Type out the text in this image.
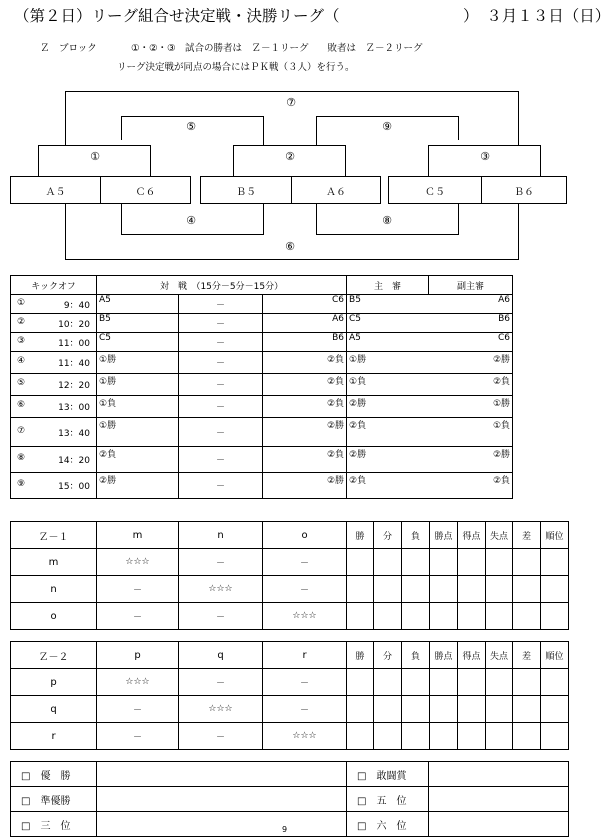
（第２日）リーグ組合せ決定戦・決勝リーグ（	）　３月１３日（日）
Ｚ　ブロック	①・②・③　試合の勝者は　Ｚ－１リーグ　　敗者は　Ｚ－２リーグ
リーグ決定戦が同点の場合にはＰＫ戦（３人）を行う。
⑦
⑤	⑨
①	②	③
④	⑧
⑥
Ａ５	Ｃ６	Ｂ５	Ａ６	Ｃ５	Ｂ６
キックオフ	対　戦　（15分－5分－15分）			主　審	副主審

① 9：40	A5	－	C6	B5	A6

② 10：20	B5	－	A6	C5	B6

③ 11：00	C5	－	B6	A5	C6

④ 11：40	①勝	－	②負	①勝	②勝

⑤ 12：20	①勝	－	②負	①負	②負

⑥ 13：00	①負	－	②負	②勝	①勝

⑦ 13：40	①勝	－	②勝	②負	①負

⑧ 14：20	②負	－	②負	②勝	②勝

⑨ 15：00	②勝	－	②勝	②負	②負
Ｚ－１	m	n	o	勝	分	負	勝点	得点	失点	差	順位
m	☆☆☆	－	－								
n	－	☆☆☆	－								
o	－	－	☆☆☆								
Ｚ－２	p	q	r	勝	分	負	勝点	得点	失点	差	順位
p	☆☆☆	－	－								
q	－	☆☆☆	－								
r	－	－	☆☆☆								
□　優　勝		□　敢闘賞	
□　準優勝		□　五　位	
□　三　位		□　六　位	
9
